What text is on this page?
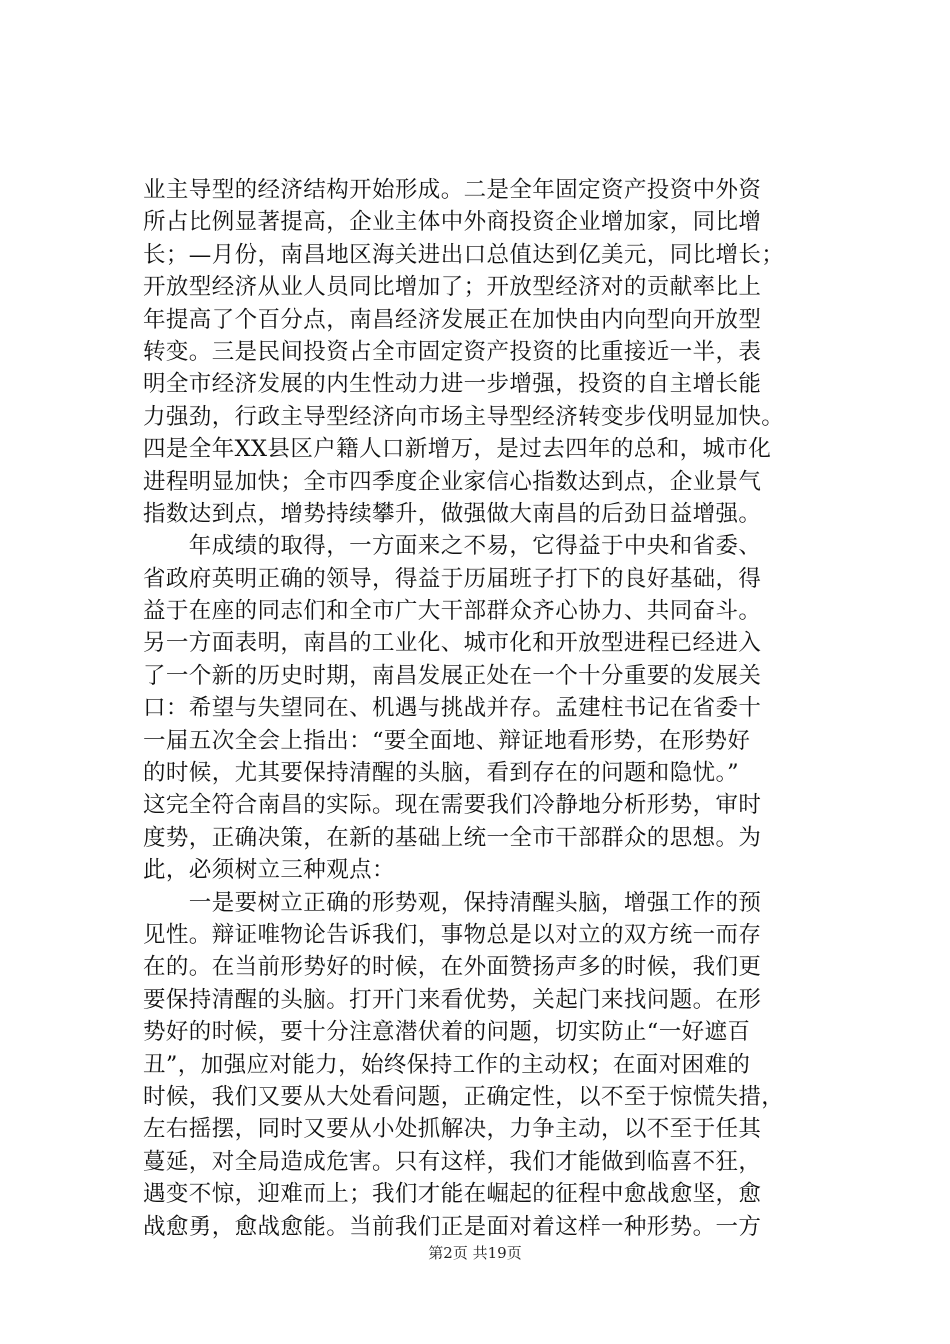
业主导型的经济结构开始形成。二是全年固定资产投资中外资
所占比例显著提高，企业主体中外商投资企业增加家，同比增
长；—月份，南昌地区海关进出口总值达到亿美元，同比增长；
开放型经济从业人员同比增加了；开放型经济对的贡献率比上
年提高了个百分点，南昌经济发展正在加快由内向型向开放型
转变。三是民间投资占全市固定资产投资的比重接近一半，表
明全市经济发展的内生性动力进一步增强，投资的自主增长能
力强劲，行政主导型经济向市场主导型经济转变步伐明显加快。
四是全年XX县区户籍人口新增万，是过去四年的总和，城市化
进程明显加快；全市四季度企业家信心指数达到点，企业景气
指数达到点，增势持续攀升，做强做大南昌的后劲日益增强。
　　年成绩的取得，一方面来之不易，它得益于中央和省委、
省政府英明正确的领导，得益于历届班子打下的良好基础，得
益于在座的同志们和全市广大干部群众齐心协力、共同奋斗。
另一方面表明，南昌的工业化、城市化和开放型进程已经进入
了一个新的历史时期，南昌发展正处在一个十分重要的发展关
口：希望与失望同在、机遇与挑战并存。孟建柱书记在省委十
一届五次全会上指出：“要全面地、辩证地看形势，在形势好
的时候，尤其要保持清醒的头脑，看到存在的问题和隐忧。”
这完全符合南昌的实际。现在需要我们冷静地分析形势，审时
度势，正确决策，在新的基础上统一全市干部群众的思想。为
此，必须树立三种观点：
　　一是要树立正确的形势观，保持清醒头脑，增强工作的预
见性。辩证唯物论告诉我们，事物总是以对立的双方统一而存
在的。在当前形势好的时候，在外面赞扬声多的时候，我们更
要保持清醒的头脑。打开门来看优势，关起门来找问题。在形
势好的时候，要十分注意潜伏着的问题，切实防止“一好遮百
丑”，加强应对能力，始终保持工作的主动权；在面对困难的
时候，我们又要从大处看问题，正确定性，以不至于惊慌失措，
左右摇摆，同时又要从小处抓解决，力争主动，以不至于任其
蔓延，对全局造成危害。只有这样，我们才能做到临喜不狂，
遇变不惊，迎难而上；我们才能在崛起的征程中愈战愈坚，愈
战愈勇，愈战愈能。当前我们正是面对着这样一种形势。一方
第2页 共19页
